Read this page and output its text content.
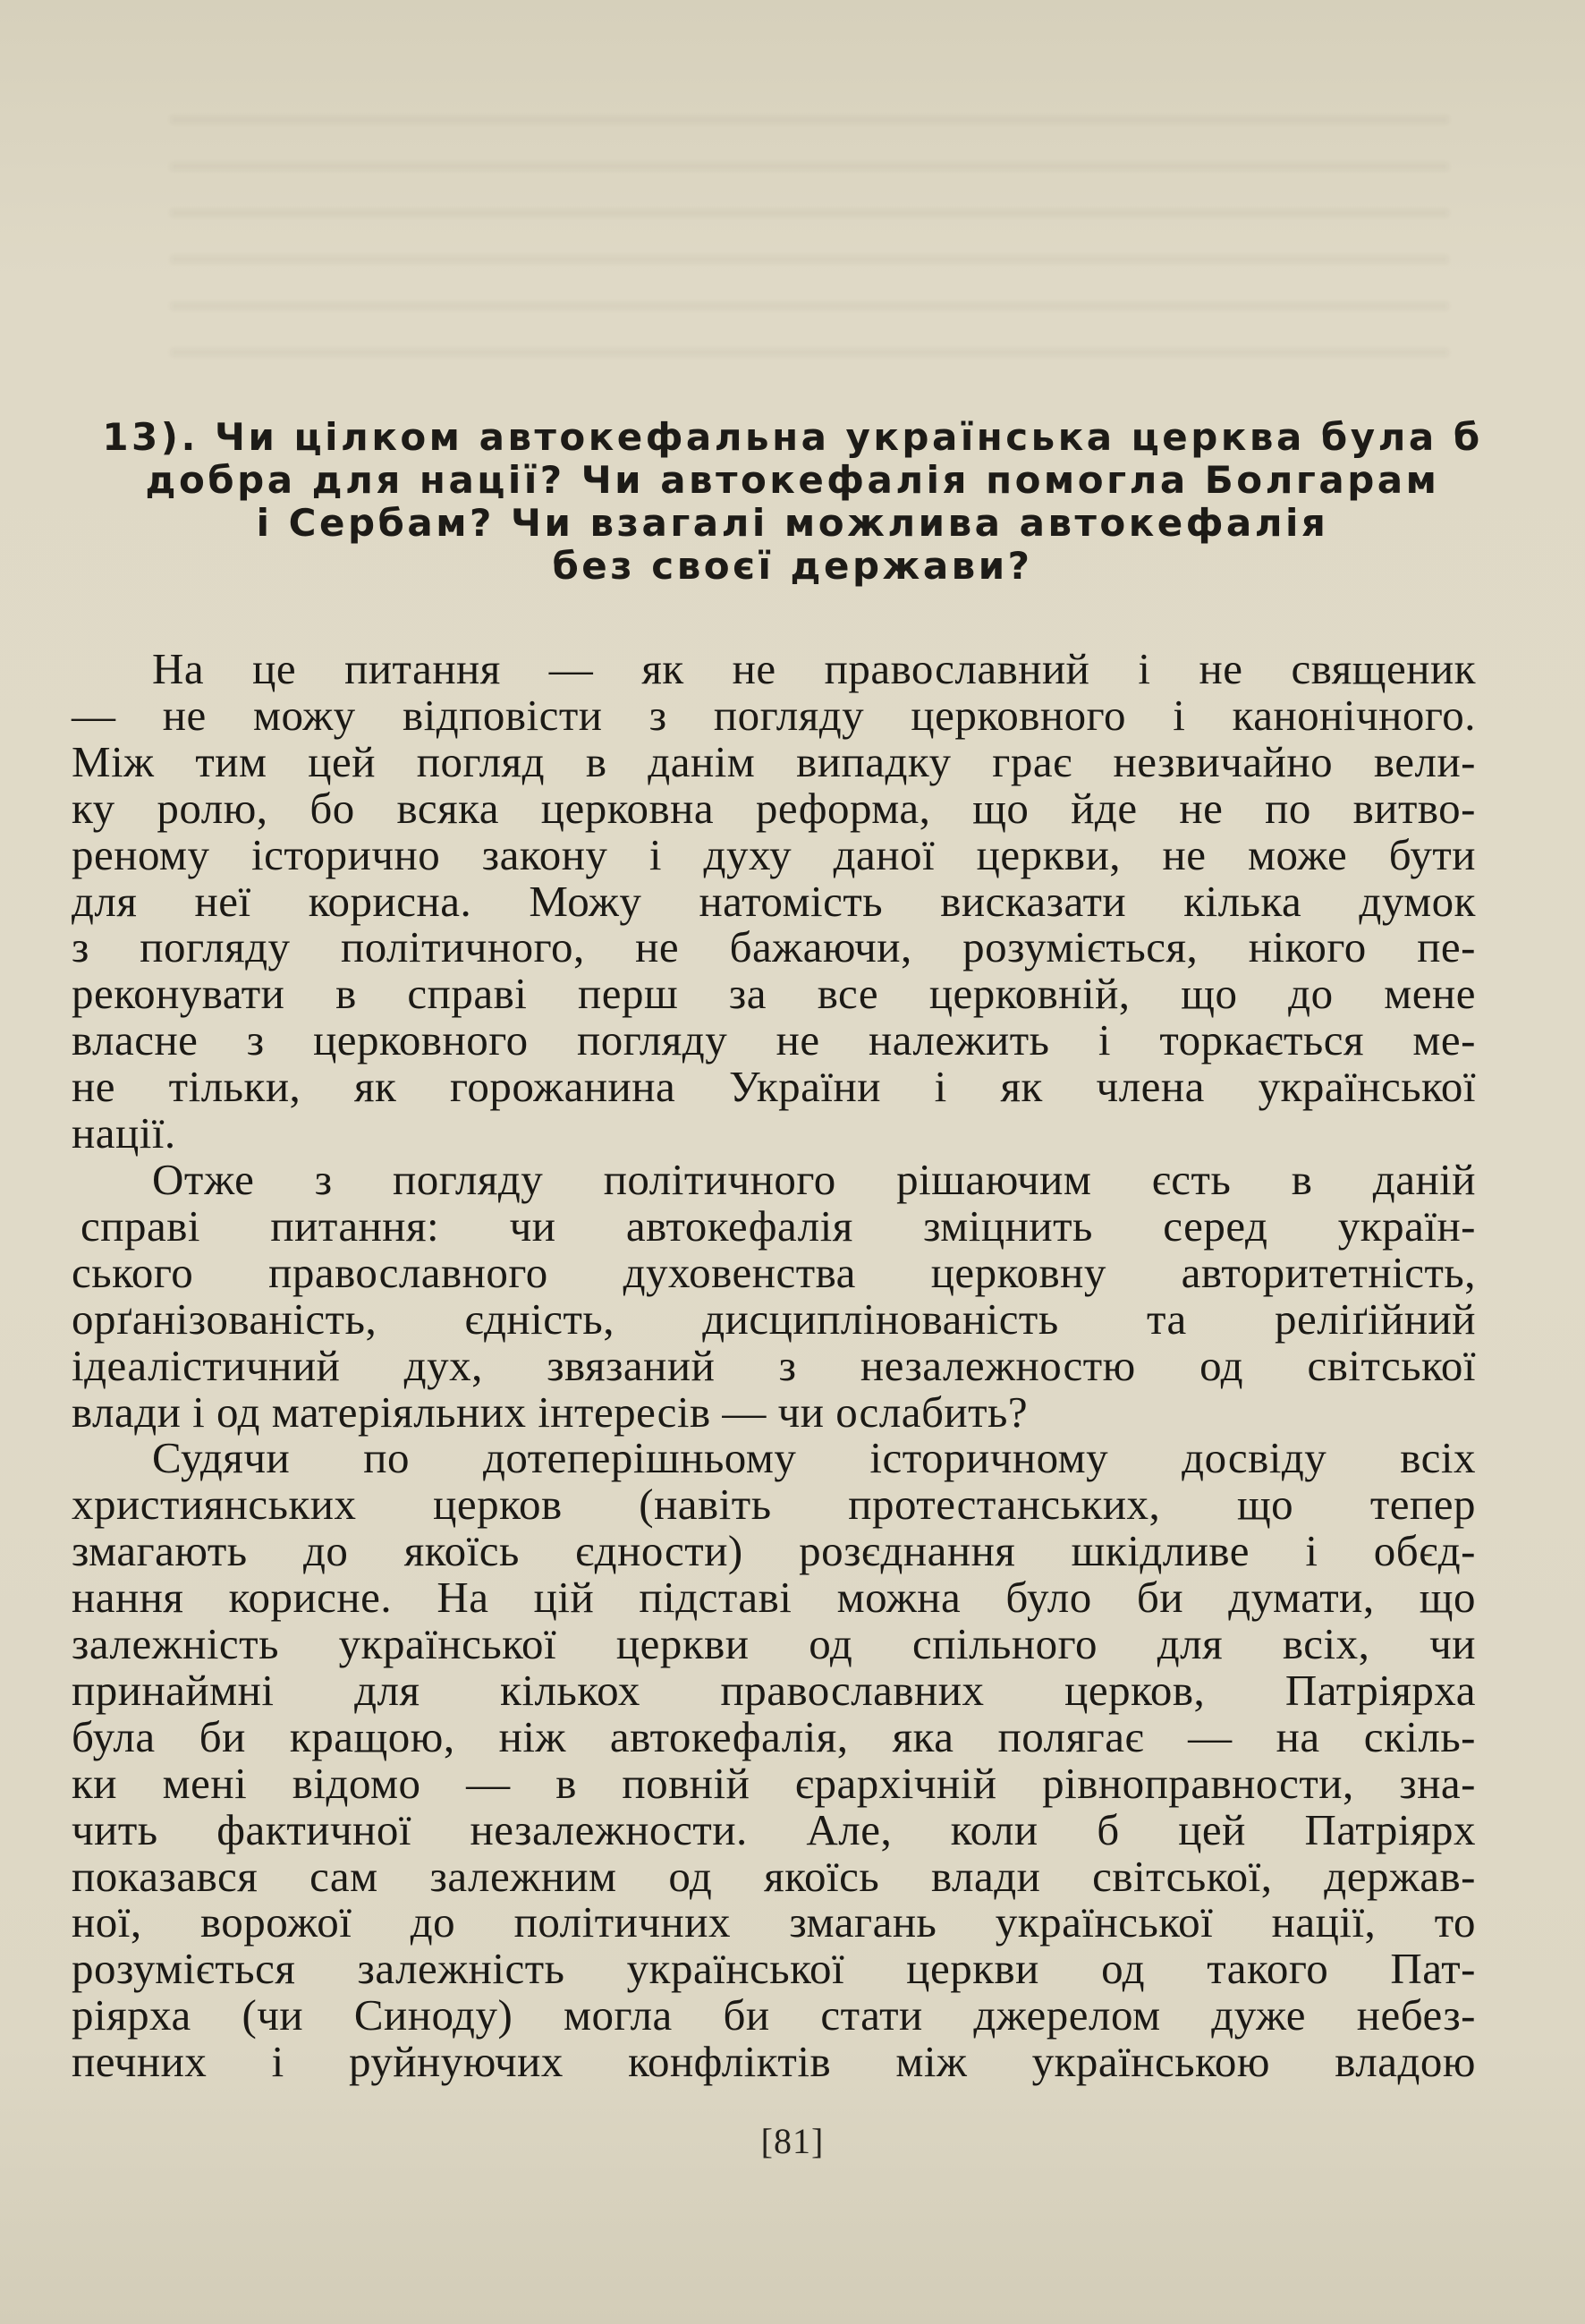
13). Чи цілком автокефальна українська церква була б
добра для нації? Чи автокефалія помогла Болгарам
і Сербам? Чи взагалі можлива автокефалія
без своєї держави?
На це питання — як не православний і не священик
— не можу відповісти з погляду церковного і канонічного.
Між тим цей погляд в данім випадку грає незвичайно вели-
ку ролю, бо всяка церковна реформа, що йде не по витво-
реному історично закону і духу даної церкви, не може бути
для неї корисна. Можу натомість висказати кілька думок
з погляду політичного, не бажаючи, розуміється, нікого пе-
реконувати в справі перш за все церковній, що до мене
власне з церковного погляду не належить і торкається ме-
не тільки, як горожанина України і як члена української
нації.
Отже з погляду політичного рішаючим єсть в даній
справі питання: чи автокефалія зміцнить серед україн-
ського православного духовенства церковну авторитетність,
орґанізованість, єдність, дисциплінованість та реліґійний
ідеалістичний дух, звязаний з незалежностю од світської
влади і од матеріяльних інтересів — чи ослабить?
Судячи по дотеперішньому історичному досвіду всіх
християнських церков (навіть протестанських, що тепер
змагають до якоїсь єдности) розєднання шкідливе і обєд-
нання корисне. На цій підставі можна було би думати, що
залежність української церкви од спільного для всіх, чи
принаймні для кількох православних церков, Патріярха
була би кращою, ніж автокефалія, яка полягає — на скіль-
ки мені відомо — в повній єрархічній рівноправности, зна-
чить фактичної незалежности. Але, коли б цей Патріярх
показався сам залежним од якоїсь влади світської, держав-
ної, ворожої до політичних змагань української нації, то
розуміється залежність української церкви од такого Пат-
ріярха (чи Синоду) могла би стати джерелом дуже небез-
печних і руйнуючих конфліктів між українською владою
[81]
